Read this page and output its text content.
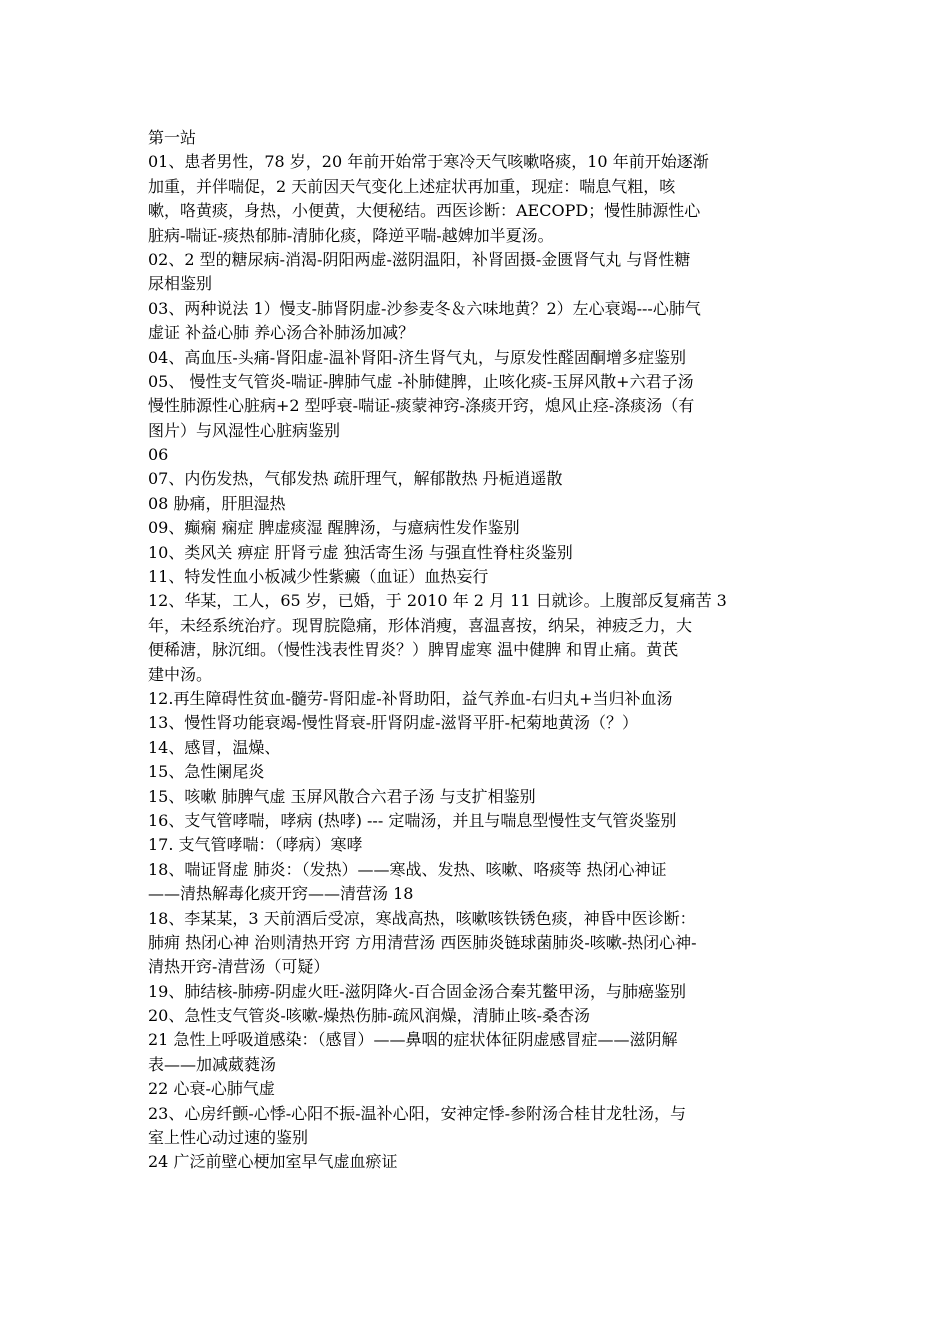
第一站
01、患者男性，78 岁，20 年前开始常于寒冷天气咳嗽咯痰，10 年前开始逐渐
加重，并伴喘促，2 天前因天气变化上述症状再加重，现症：喘息气粗，咳
嗽，咯黄痰，身热，小便黄，大便秘结。西医诊断：AECOPD；慢性肺源性心
脏病-喘证-痰热郁肺-清肺化痰，降逆平喘-越婢加半夏汤。
02、2 型的糖尿病-消渴-阴阳两虚-滋阴温阳，补肾固摄-金匮肾气丸 与肾性糖
尿相鉴别
03、两种说法 1）慢支-肺肾阴虚-沙参麦冬＆六味地黄？2）左心衰竭---心肺气
虚证 补益心肺 养心汤合补肺汤加减？
04、高血压-头痛-肾阳虚-温补肾阳-济生肾气丸，与原发性醛固酮增多症鉴别
05、 慢性支气管炎-喘证-脾肺气虚 -补肺健脾，止咳化痰-玉屏风散+六君子汤
慢性肺源性心脏病+2 型呼衰-喘证-痰蒙神窍-涤痰开窍，熄风止痉-涤痰汤（有
图片）与风湿性心脏病鉴别
06
07、内伤发热，气郁发热 疏肝理气，解郁散热 丹栀逍遥散
08 胁痛，肝胆湿热
09、癫痫 痫症 脾虚痰湿 醒脾汤，与癔病性发作鉴别
10、类风关 痹症 肝肾亏虚 独活寄生汤 与强直性脊柱炎鉴别
11、特发性血小板减少性紫癜（血证）血热妄行
12、华某，工人，65 岁，已婚，于 2010 年 2 月 11 日就诊。上腹部反复痛苦 3
年，未经系统治疗。现胃脘隐痛，形体消瘦，喜温喜按，纳呆，神疲乏力，大
便稀溏，脉沉细。（慢性浅表性胃炎？）脾胃虚寒 温中健脾 和胃止痛。黄芪
建中汤。
12.再生障碍性贫血-髓劳-肾阳虚-补肾助阳，益气养血-右归丸+当归补血汤
13、慢性肾功能衰竭-慢性肾衰-肝肾阴虚-滋肾平肝-杞菊地黄汤（？）
14、感冒，温燥、
15、急性阑尾炎
15、咳嗽 肺脾气虚 玉屏风散合六君子汤 与支扩相鉴别
16、支气管哮喘，哮病 (热哮) --- 定喘汤，并且与喘息型慢性支气管炎鉴别
17. 支气管哮喘：（哮病）寒哮
18、喘证肾虚 肺炎：（发热）——寒战、发热、咳嗽、咯痰等 热闭心神证
——清热解毒化痰开窍——清营汤 18
18、李某某，3 天前酒后受凉，寒战高热，咳嗽咳铁锈色痰，神昏中医诊断：
肺痈 热闭心神 治则清热开窍 方用清营汤 西医肺炎链球菌肺炎-咳嗽-热闭心神-
清热开窍-清营汤（可疑）
19、肺结核-肺痨-阴虚火旺-滋阴降火-百合固金汤合秦艽鳖甲汤，与肺癌鉴别
20、急性支气管炎-咳嗽-燥热伤肺-疏风润燥，清肺止咳-桑杏汤
21 急性上呼吸道感染：（感冒）——鼻咽的症状体征阴虚感冒症——滋阴解
表——加减葳蕤汤
22 心衰-心肺气虚
23、心房纤颤-心悸-心阳不振-温补心阳，安神定悸-参附汤合桂甘龙牡汤，与
室上性心动过速的鉴别
24 广泛前壁心梗加室早气虚血瘀证
